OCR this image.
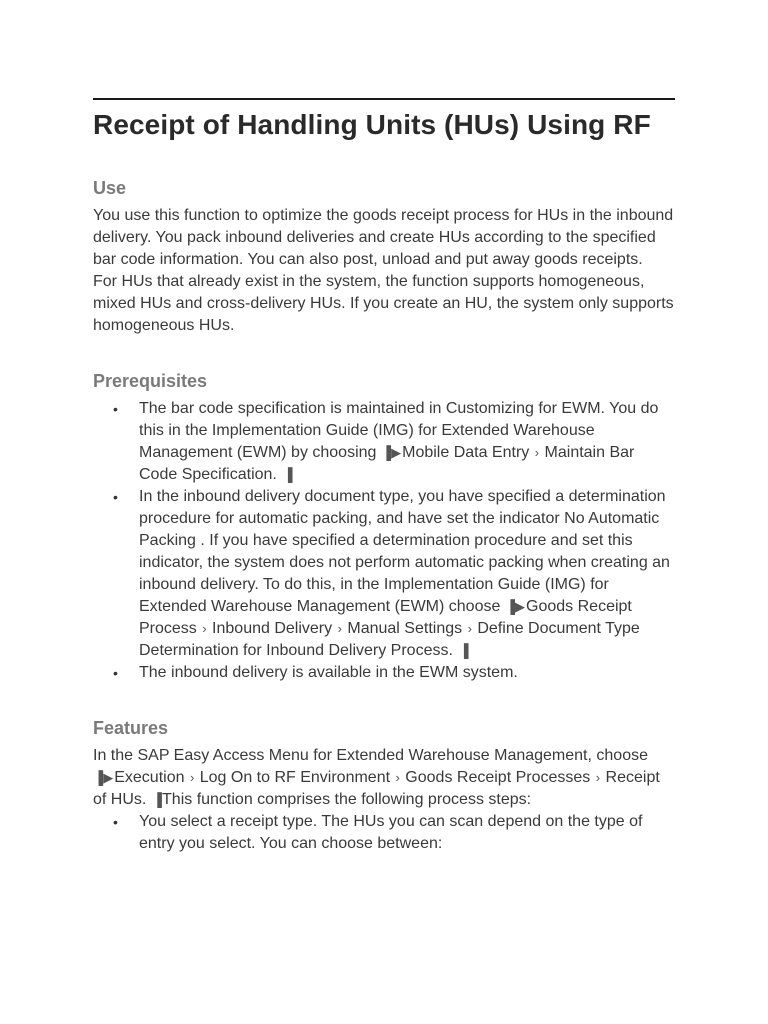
Receipt of Handling Units (HUs) Using RF
Use

You use this function to optimize the goods receipt process for HUs in the inbound delivery. You pack inbound deliveries and create HUs according to the specified bar code information. You can also post, unload and put away goods receipts.

For HUs that already exist in the system, the function supports homogeneous, mixed HUs and cross-delivery HUs. If you create an HU, the system only supports homogeneous HUs.

Prerequisites
• The bar code specification is maintained in Customizing for EWM. You do this in the Implementation Guide (IMG) for Extended Warehouse Management (EWM) by choosing ▐▶Mobile Data Entry › Maintain Bar Code Specification. ▐
• In the inbound delivery document type, you have specified a determination procedure for automatic packing, and have set the indicator No Automatic Packing . If you have specified a determination procedure and set this indicator, the system does not perform automatic packing when creating an inbound delivery. To do this, in the Implementation Guide (IMG) for Extended Warehouse Management (EWM) choose ▐▶Goods Receipt Process › Inbound Delivery › Manual Settings › Define Document Type Determination for Inbound Delivery Process. ▐
• The inbound delivery is available in the EWM system.
Features

In the SAP Easy Access Menu for Extended Warehouse Management, choose ▐▶Execution › Log On to RF Environment › Goods Receipt Processes › Receipt of HUs. ▐This function comprises the following process steps:

• You select a receipt type. The HUs you can scan depend on the type of entry you select. You can choose between:
